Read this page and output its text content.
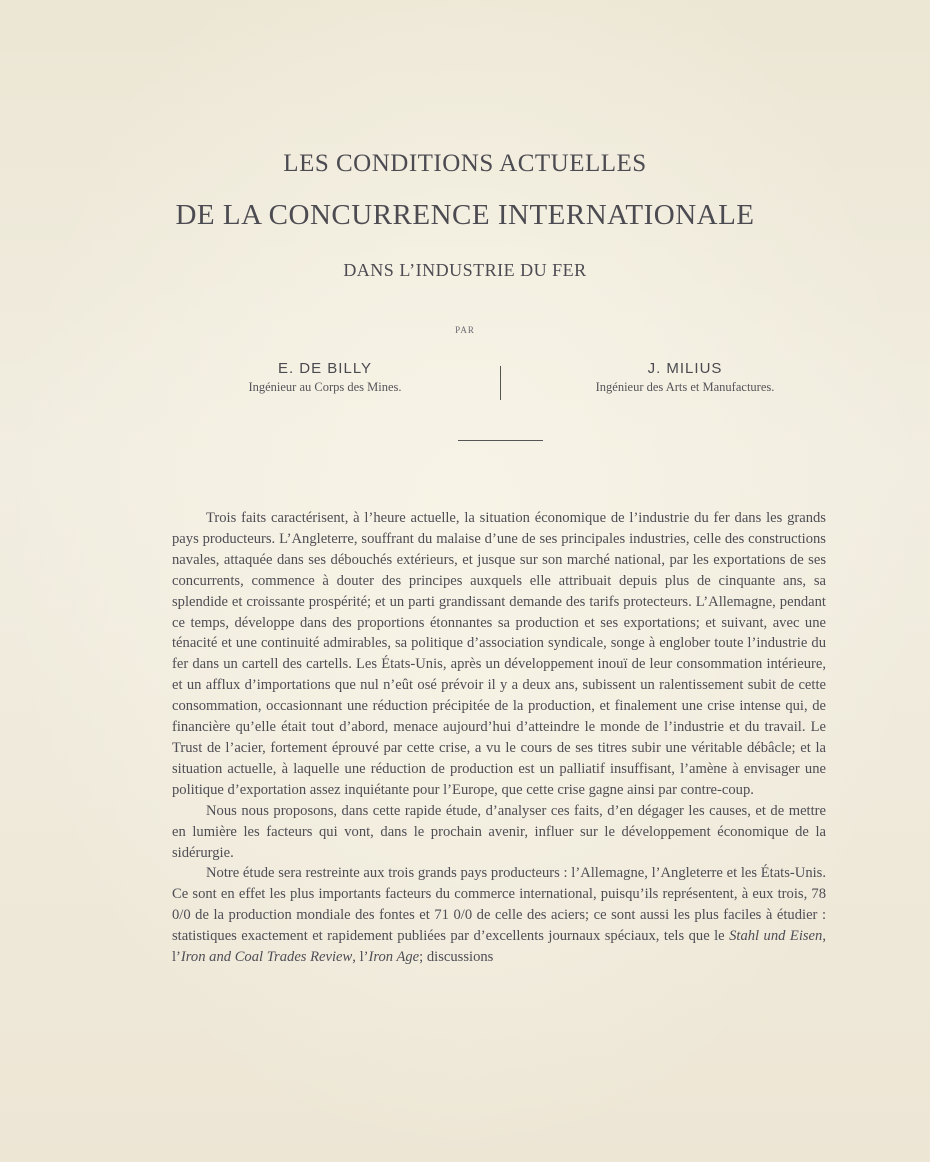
LES CONDITIONS ACTUELLES
DE LA CONCURRENCE INTERNATIONALE
DANS L’INDUSTRIE DU FER
PAR
E. DE BILLY
Ingénieur au Corps des Mines.
J. MILIUS
Ingénieur des Arts et Manufactures.

Trois faits caractérisent, à l’heure actuelle, la situation économique de l’industrie du fer dans les grands pays producteurs. L’Angleterre, souffrant du malaise d’une de ses principales industries, celle des constructions navales, attaquée dans ses débouchés extérieurs, et jusque sur son marché national, par les exportations de ses concurrents, commence à douter des principes auxquels elle attribuait depuis plus de cinquante ans, sa splendide et croissante prospérité; et un parti grandissant demande des tarifs protecteurs. L’Allemagne, pendant ce temps, développe dans des proportions étonnantes sa production et ses exportations; et suivant, avec une ténacité et une continuité admirables, sa politique d’association syndicale, songe à englober toute l’industrie du fer dans un cartell des cartells. Les États-Unis, après un développement inouï de leur consommation intérieure, et un afflux d’importations que nul n’eût osé prévoir il y a deux ans, subissent un ralentissement subit de cette consommation, occasionnant une réduction précipitée de la production, et finalement une crise intense qui, de financière qu’elle était tout d’abord, menace aujourd’hui d’atteindre le monde de l’industrie et du travail. Le Trust de l’acier, fortement éprouvé par cette crise, a vu le cours de ses titres subir une véritable débâcle; et la situation actuelle, à laquelle une réduction de production est un palliatif insuffisant, l’amène à envisager une politique d’exportation assez inquiétante pour l’Europe, que cette crise gagne ainsi par contre-coup.

Nous nous proposons, dans cette rapide étude, d’analyser ces faits, d’en dégager les causes, et de mettre en lumière les facteurs qui vont, dans le prochain avenir, influer sur le développement économique de la sidérurgie.

Notre étude sera restreinte aux trois grands pays producteurs : l’Allemagne, l’Angleterre et les États-Unis. Ce sont en effet les plus importants facteurs du commerce international, puisqu’ils représentent, à eux trois, 78 0/0 de la production mondiale des fontes et 71 0/0 de celle des aciers; ce sont aussi les plus faciles à étudier : statistiques exactement et rapidement publiées par d’excellents journaux spéciaux, tels que le Stahl und Eisen, l’Iron and Coal Trades Review, l’Iron Age; discussions
